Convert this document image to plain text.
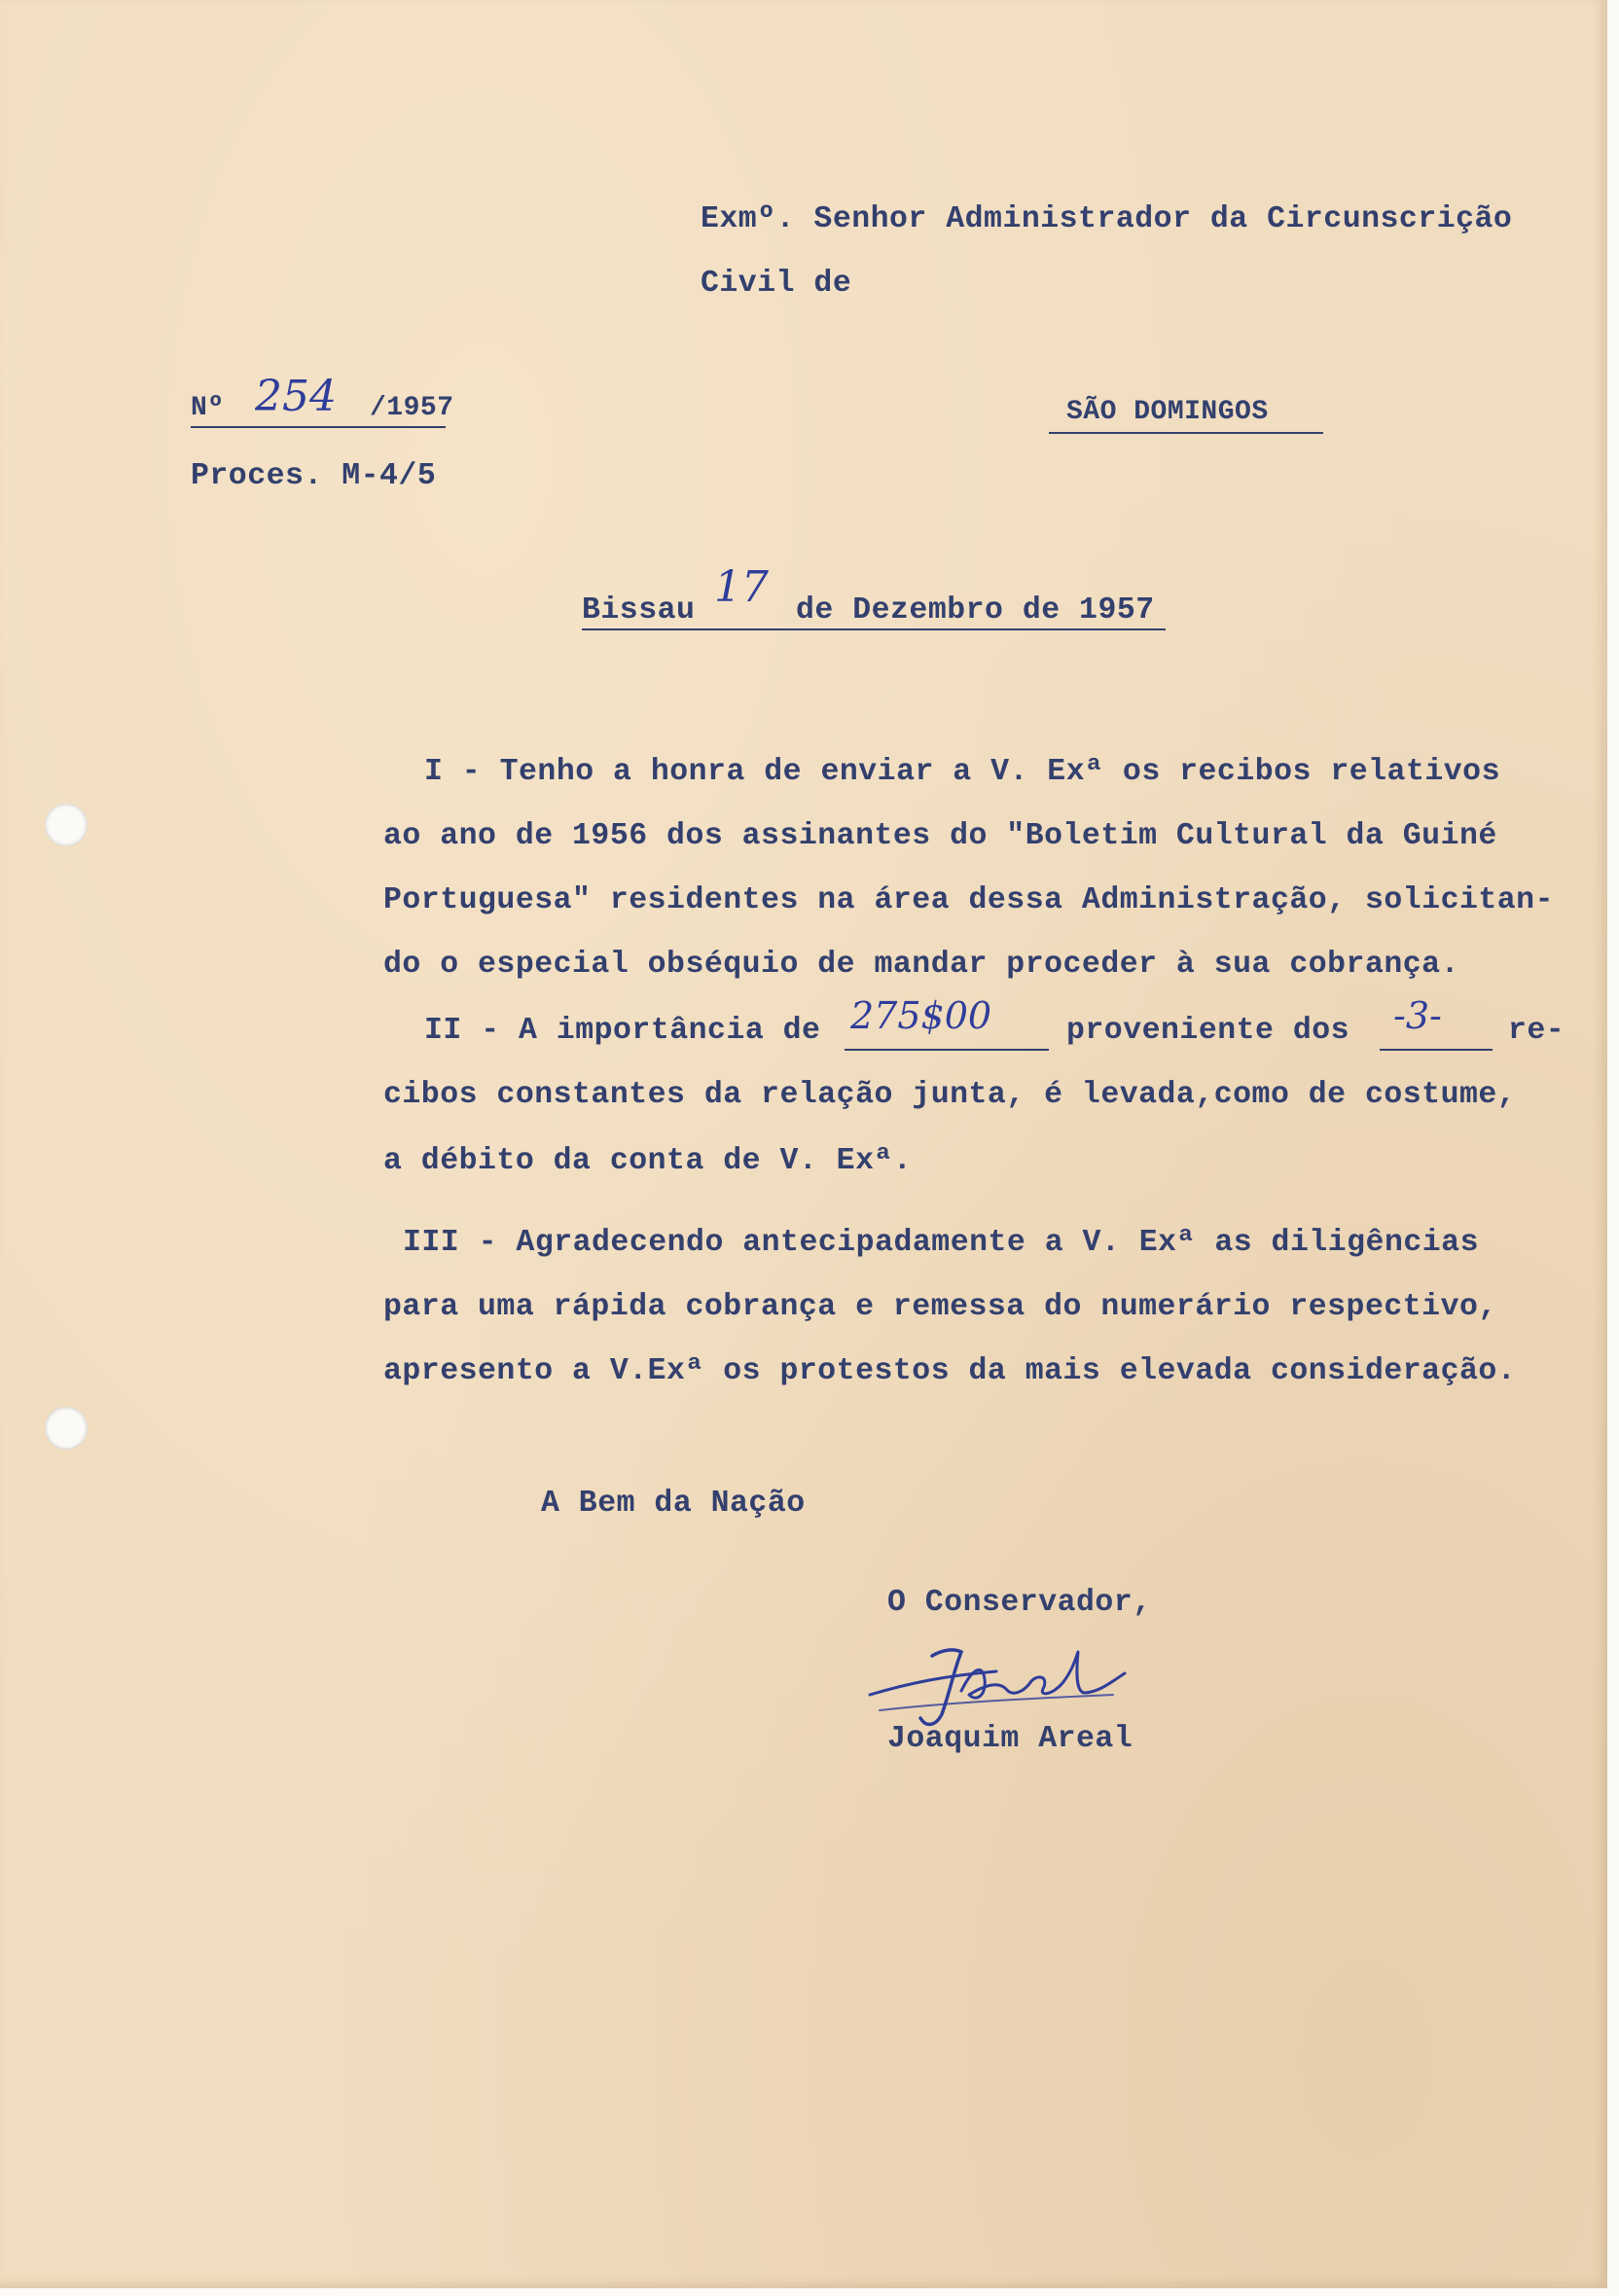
Exmº. Senhor Administrador da Circunscrição

Civil de

SÃO DOMINGOS

Nº 254 /1957

Proces. M-4/5

Bissau 17 de Dezembro de 1957

I - Tenho a honra de enviar a V. Exª os recibos relativos

ao ano de 1956 dos assinantes do "Boletim Cultural da Guiné

Portuguesa" residentes na área dessa Administração, solicitan-

do o especial obséquio de mandar proceder à sua cobrança.

II - A importância de 275$00 proveniente dos -3- re-

cibos constantes da relação junta, é levada,como de costume,

a débito da conta de V. Exª.

III - Agradecendo antecipadamente a V. Exª as diligências

para uma rápida cobrança e remessa do numerário respectivo,

apresento a V.Exª os protestos da mais elevada consideração.

A Bem da Nação

O Conservador,

Joaquim Areal
